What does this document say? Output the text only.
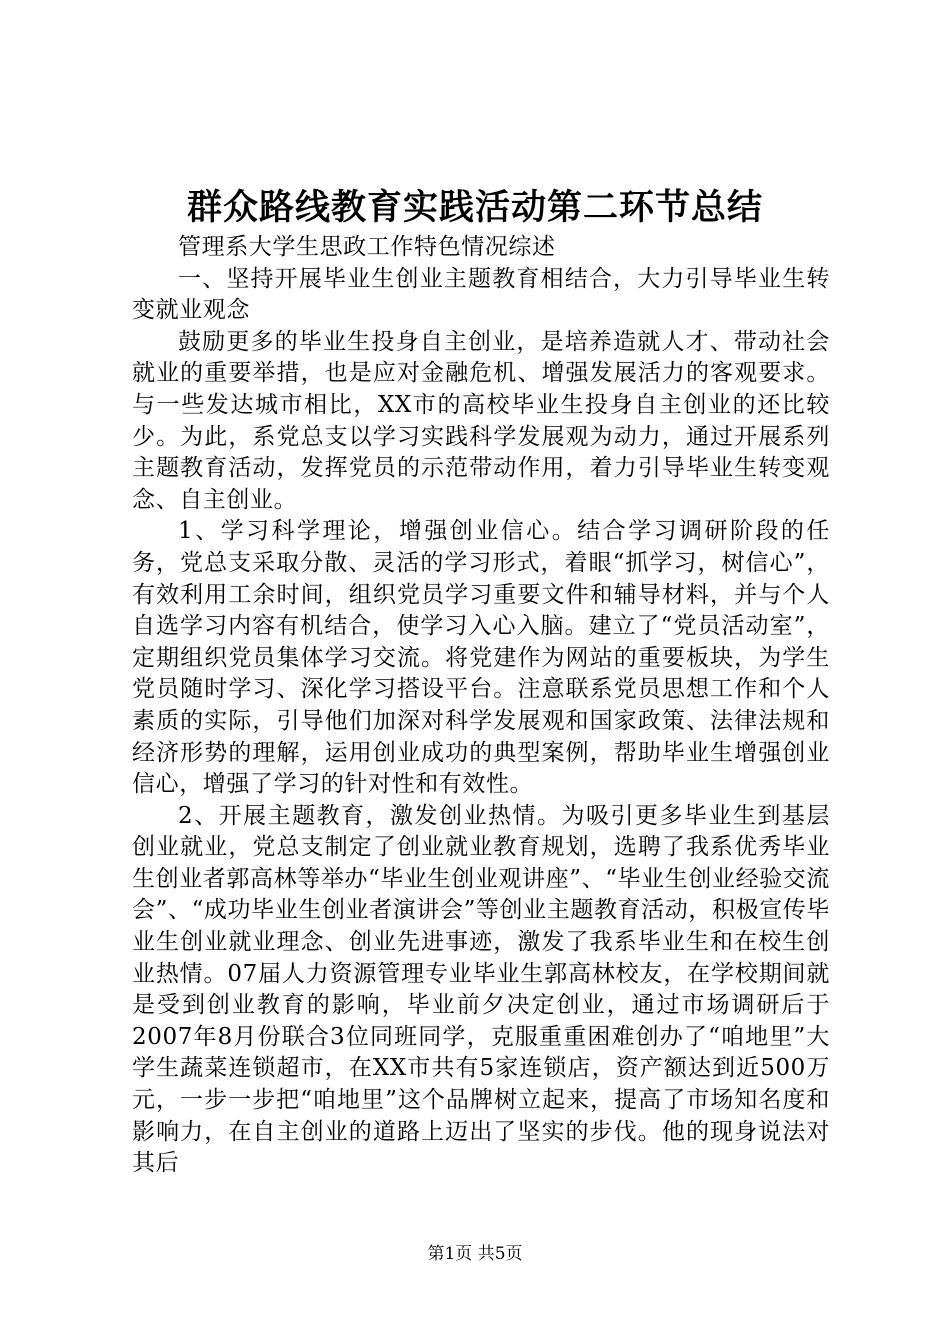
群众路线教育实践活动第二环节总结

管理系大学生思政工作特色情况综述

一、坚持开展毕业生创业主题教育相结合，大力引导毕业生转变就业观念

鼓励更多的毕业生投身自主创业，是培养造就人才、带动社会就业的重要举措，也是应对金融危机、增强发展活力的客观要求。与一些发达城市相比，XX市的高校毕业生投身自主创业的还比较少。为此，系党总支以学习实践科学发展观为动力，通过开展系列主题教育活动，发挥党员的示范带动作用，着力引导毕业生转变观念、自主创业。

1、学习科学理论，增强创业信心。结合学习调研阶段的任务，党总支采取分散、灵活的学习形式，着眼“抓学习，树信心”，有效利用工余时间，组织党员学习重要文件和辅导材料，并与个人自选学习内容有机结合，使学习入心入脑。建立了“党员活动室”，定期组织党员集体学习交流。将党建作为网站的重要板块，为学生党员随时学习、深化学习搭设平台。注意联系党员思想工作和个人素质的实际，引导他们加深对科学发展观和国家政策、法律法规和经济形势的理解，运用创业成功的典型案例，帮助毕业生增强创业信心，增强了学习的针对性和有效性。

2、开展主题教育，激发创业热情。为吸引更多毕业生到基层创业就业，党总支制定了创业就业教育规划，选聘了我系优秀毕业生创业者郭高林等举办“毕业生创业观讲座”、“毕业生创业经验交流会”、“成功毕业生创业者演讲会”等创业主题教育活动，积极宣传毕业生创业就业理念、创业先进事迹，激发了我系毕业生和在校生创业热情。07届人力资源管理专业毕业生郭高林校友，在学校期间就是受到创业教育的影响，毕业前夕决定创业，通过市场调研后于2007年8月份联合3位同班同学，克服重重困难创办了“咱地里”大学生蔬菜连锁超市，在XX市共有5家连锁店，资产额达到近500万元，一步一步把“咱地里”这个品牌树立起来，提高了市场知名度和影响力，在自主创业的道路上迈出了坚实的步伐。他的现身说法对其后

第1页 共5页
